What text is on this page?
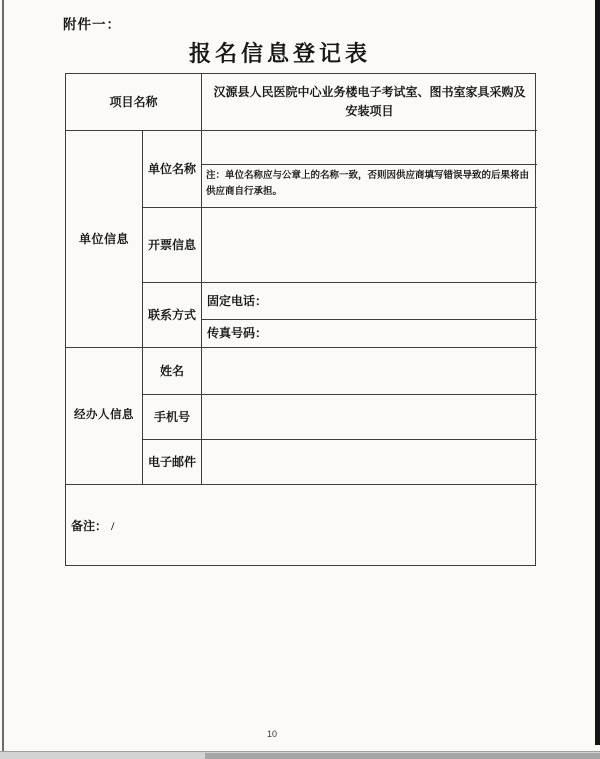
附件一：
报名信息登记表
项目名称
汉源县人民医院中心业务楼电子考试室、图书室家具采购及安装项目
单位信息
单位名称
注：单位名称应与公章上的名称一致，否则因供应商填写错误导致的后果将由供应商自行承担。
开票信息
联系方式
固定电话：
传真号码：
经办人信息
姓名
手机号
电子邮件
备注： /
10
